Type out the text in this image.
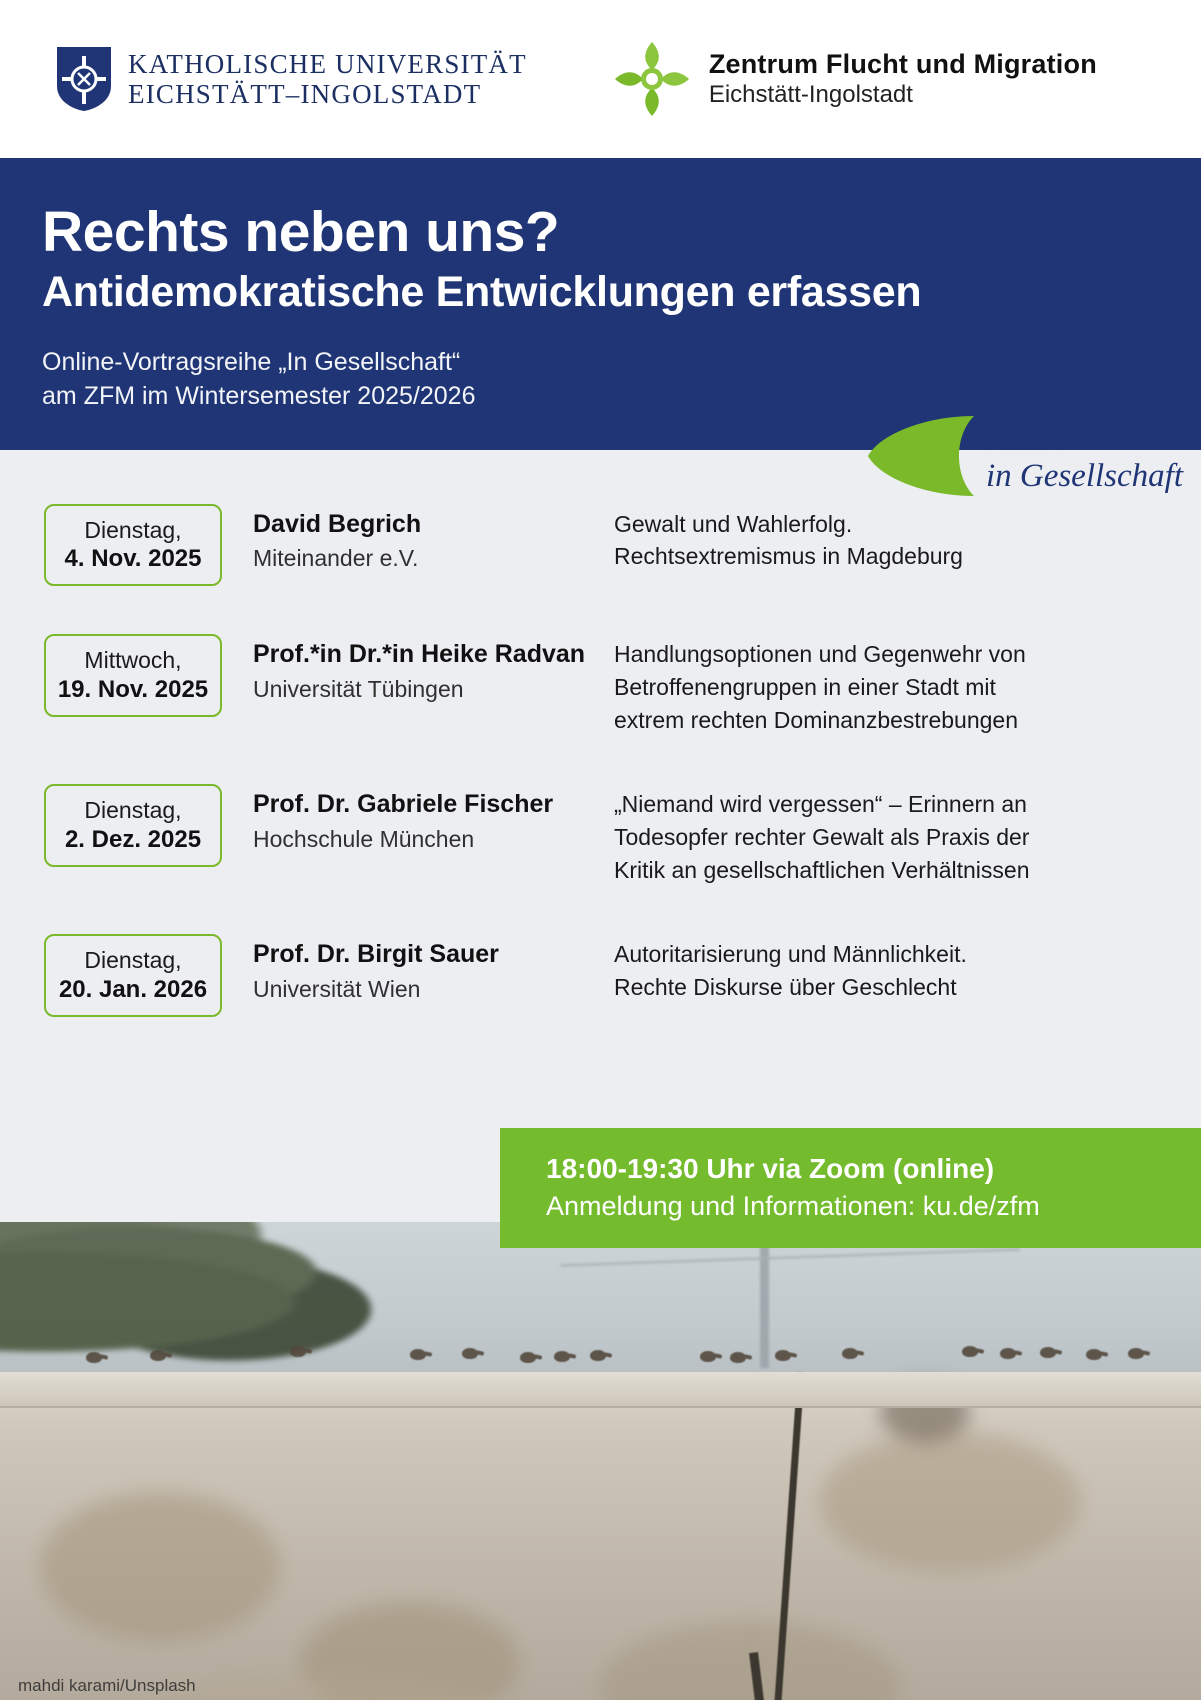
KATHOLISCHE UNIVERSITÄT
EICHSTÄTT–INGOLSTADT
Zentrum Flucht und Migration
Eichstätt-Ingolstadt
Rechts neben uns?
Antidemokratische Entwicklungen erfassen
Online-Vortragsreihe „In Gesellschaft“
am ZFM im Wintersemester 2025/2026
ZFM
in Gesellschaft
Dienstag,
4. Nov. 2025
David Begrich
Miteinander e.V.
Gewalt und Wahlerfolg.
Rechtsextremismus in Magdeburg
Mittwoch,
19. Nov. 2025
Prof.*in Dr.*in Heike Radvan
Universität Tübingen
Handlungsoptionen und Gegenwehr von
Betroffenengruppen in einer Stadt mit
extrem rechten Dominanzbestrebungen
Dienstag,
2. Dez. 2025
Prof. Dr. Gabriele Fischer
Hochschule München
„Niemand wird vergessen“ – Erinnern an
Todesopfer rechter Gewalt als Praxis der
Kritik an gesellschaftlichen Verhältnissen
Dienstag,
20. Jan. 2026
Prof. Dr. Birgit Sauer
Universität Wien
Autoritarisierung und Männlichkeit.
Rechte Diskurse über Geschlecht
mahdi karami/Unsplash
18:00-19:30 Uhr via Zoom (online)
Anmeldung und Informationen: ku.de/zfm
